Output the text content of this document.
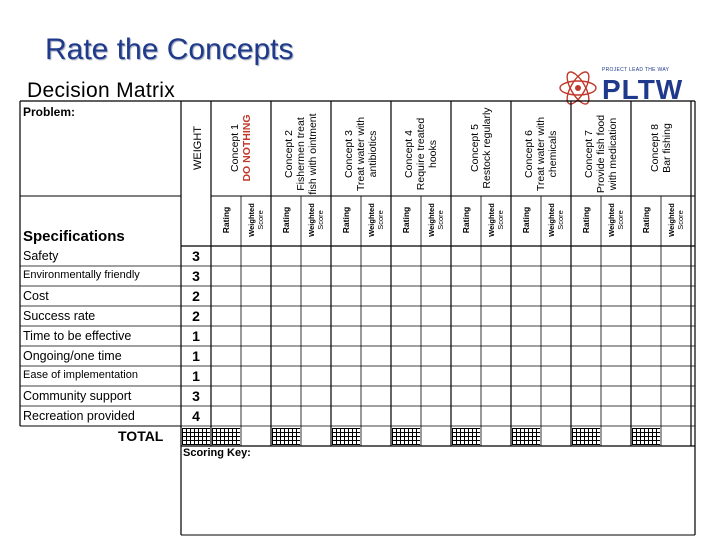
Rate the Concepts
Decision Matrix
PROJECT LEAD THE WAY
PLTW
Problem:
WEIGHT
Specifications
TOTAL
Scoring Key:
Concept 1 DO NOTHING
Rating Weighted Score
Concept 2 Fishermen treat fish with ointment
Rating Weighted Score
Concept 3 Treat water with antibiotics
Rating Weighted Score
Concept 4 Require treated hooks
Rating Weighted Score
Concept 5 Restock regularly
Rating Weighted Score
Concept 6 Treat water with chemicals
Rating Weighted Score
Concept 7 Provide fish food with medication
Rating Weighted Score
Concept 8 Bar fishing
Rating Weighted Score
Safety	3
Environmentally friendly	3
Cost	2
Success rate	2
Time to be effective	1
Ongoing/one time	1
Ease of implementation	1
Community support	3
Recreation provided	4
